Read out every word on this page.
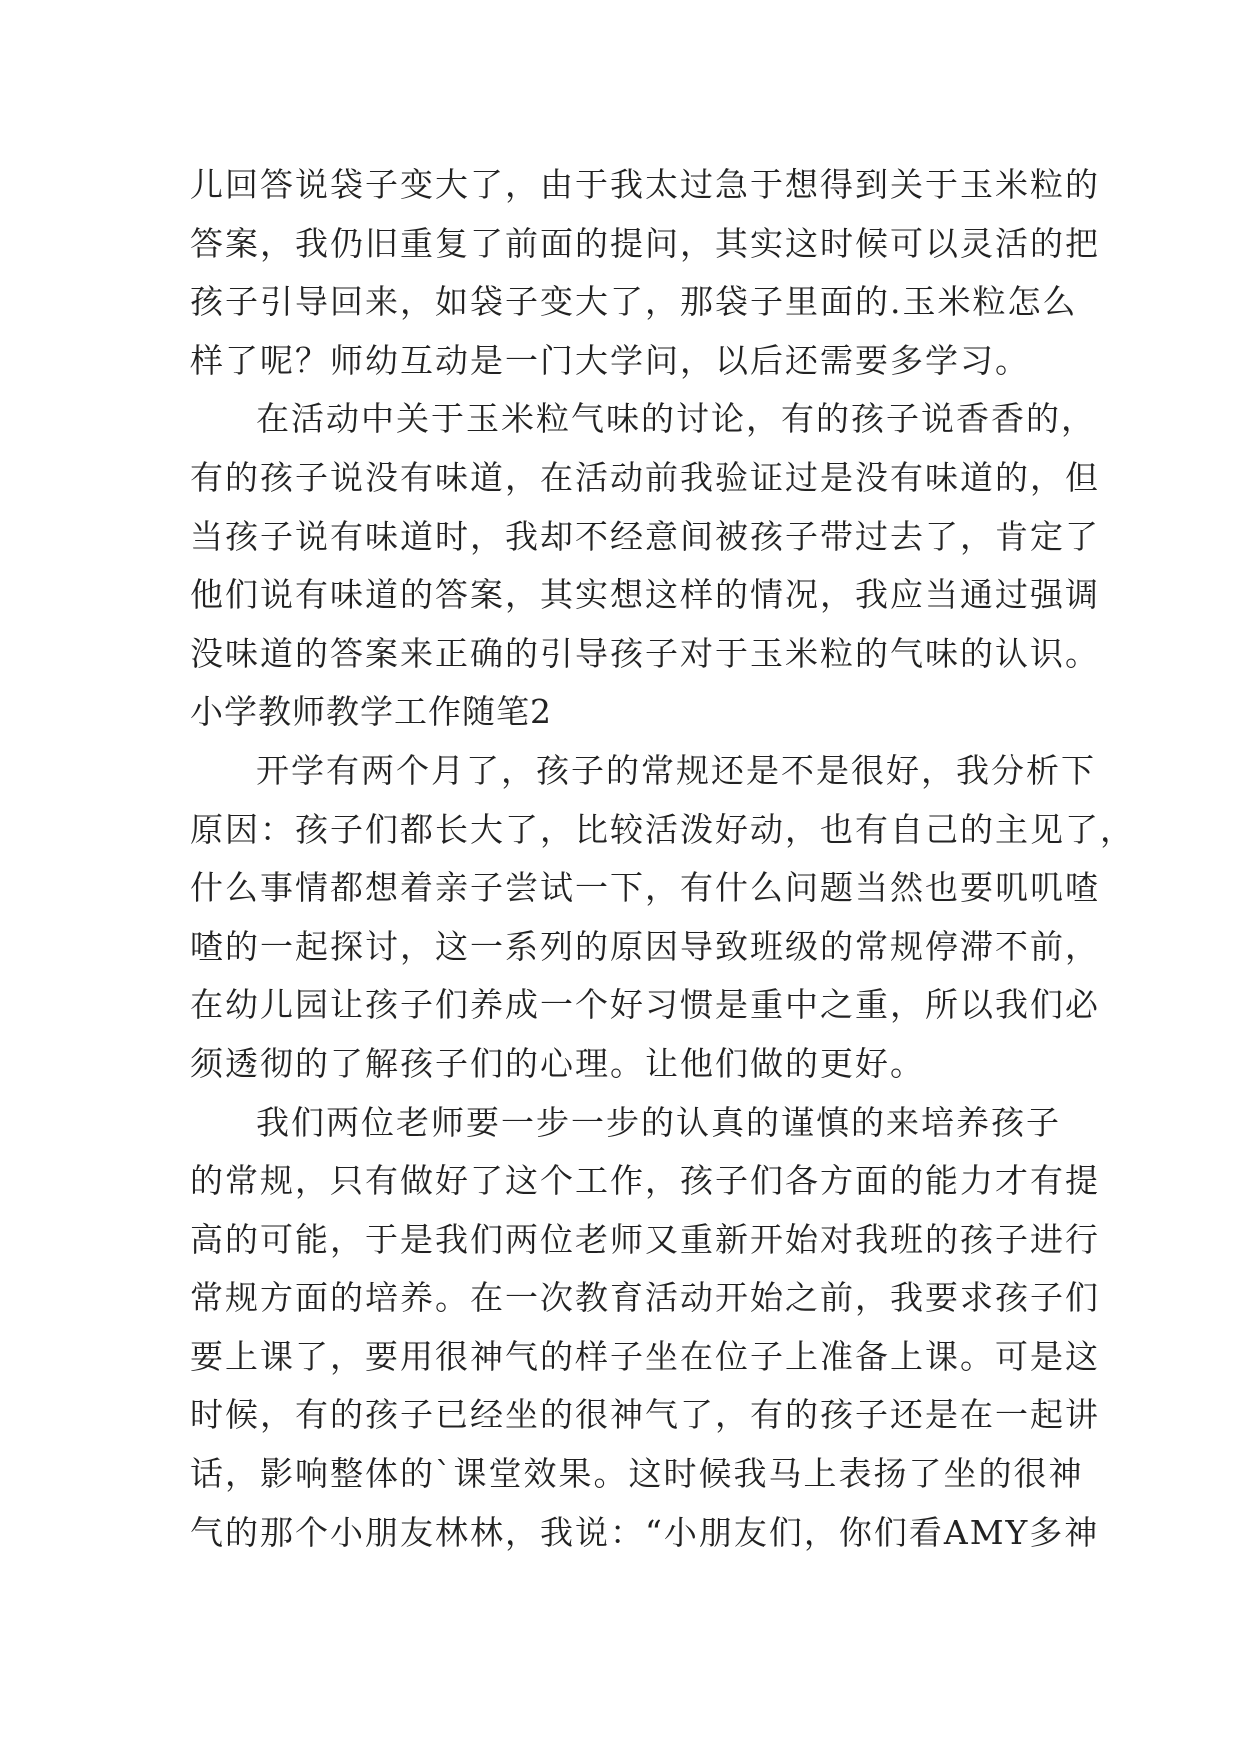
儿回答说袋子变大了，由于我太过急于想得到关于玉米粒的
答案，我仍旧重复了前面的提问，其实这时候可以灵活的把
孩子引导回来，如袋子变大了，那袋子里面的.玉米粒怎么
样了呢？师幼互动是一门大学问，以后还需要多学习。
在活动中关于玉米粒气味的讨论，有的孩子说香香的，
有的孩子说没有味道，在活动前我验证过是没有味道的，但
当孩子说有味道时，我却不经意间被孩子带过去了，肯定了
他们说有味道的答案，其实想这样的情况，我应当通过强调
没味道的答案来正确的引导孩子对于玉米粒的气味的认识。
小学教师教学工作随笔2
开学有两个月了，孩子的常规还是不是很好，我分析下
原因：孩子们都长大了，比较活泼好动，也有自己的主见了，
什么事情都想着亲子尝试一下，有什么问题当然也要叽叽喳
喳的一起探讨，这一系列的原因导致班级的常规停滞不前，
在幼儿园让孩子们养成一个好习惯是重中之重，所以我们必
须透彻的了解孩子们的心理。让他们做的更好。
我们两位老师要一步一步的认真的谨慎的来培养孩子
的常规，只有做好了这个工作，孩子们各方面的能力才有提
高的可能，于是我们两位老师又重新开始对我班的孩子进行
常规方面的培养。在一次教育活动开始之前，我要求孩子们
要上课了，要用很神气的样子坐在位子上准备上课。可是这
时候，有的孩子已经坐的很神气了，有的孩子还是在一起讲
话，影响整体的`课堂效果。这时候我马上表扬了坐的很神
气的那个小朋友林林，我说：“小朋友们，你们看AMY多神
